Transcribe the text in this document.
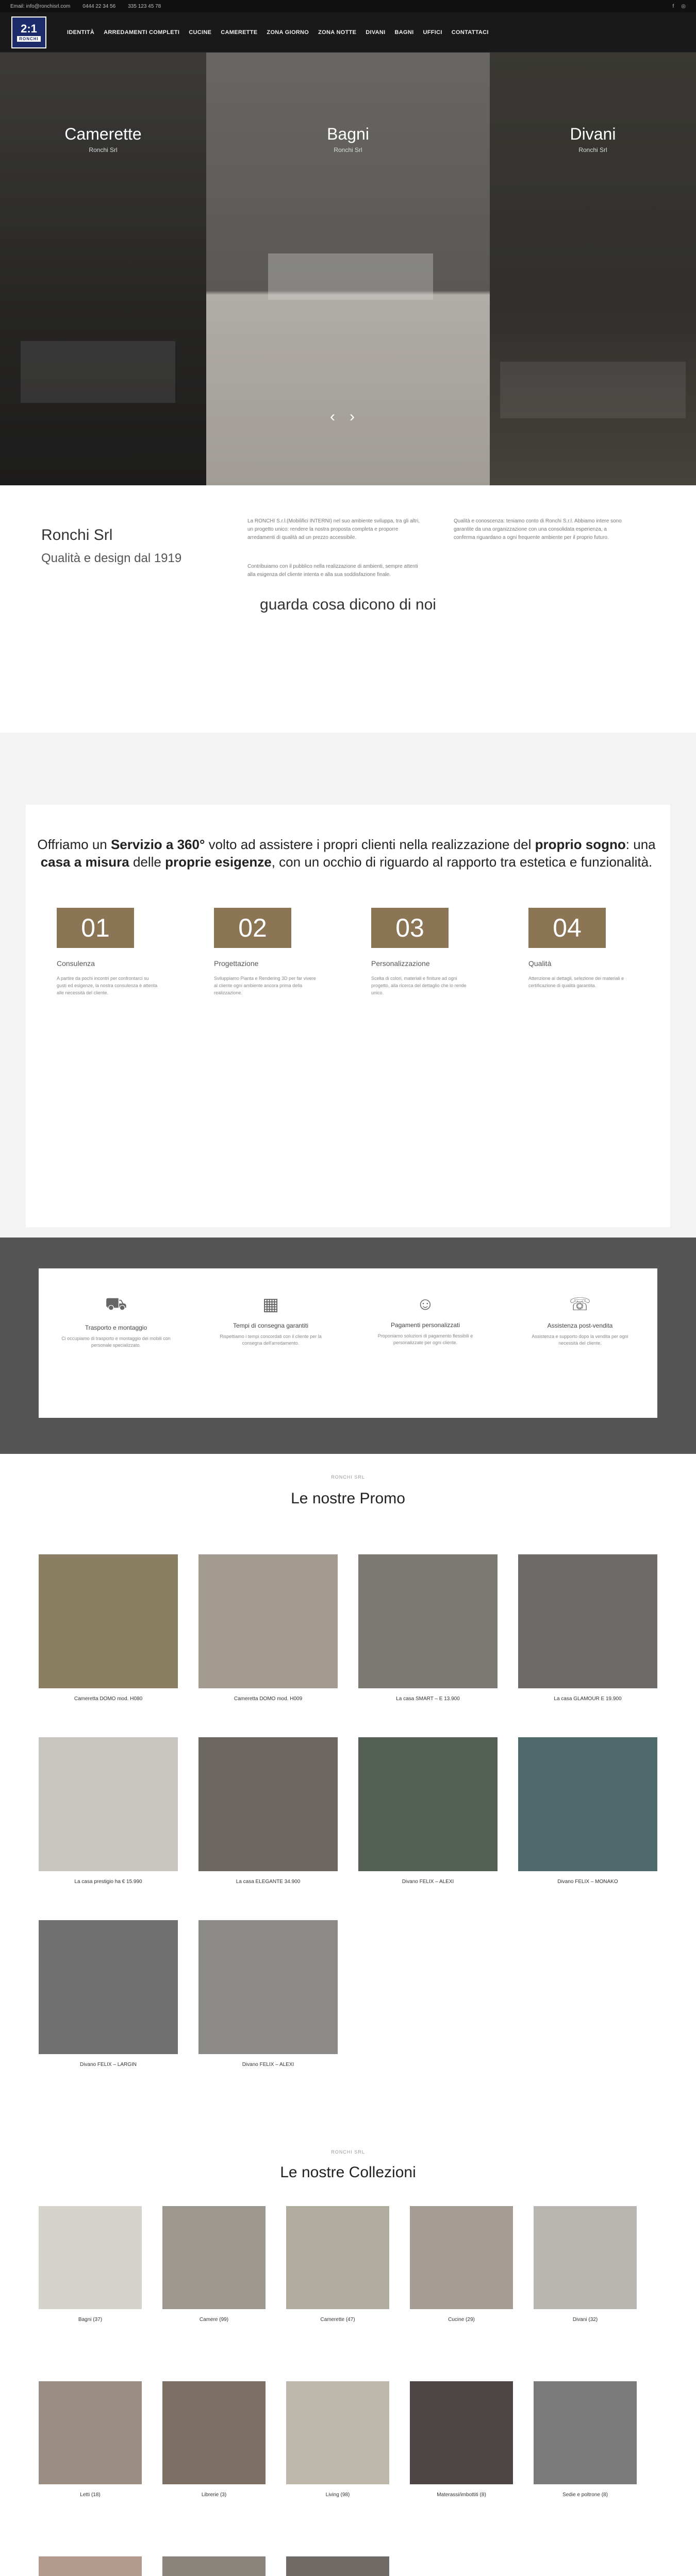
Email: info@ronchisrl.com 0444 22 34 56 335 123 45 78	f ◎
2:1
RONCHI
IDENTITÀ ARREDAMENTI COMPLETI CUCINE CAMERETTE ZONA GIORNO ZONA NOTTE DIVANI BAGNI UFFICI CONTATTACI
Camerette
Ronchi Srl
Bagni
Ronchi Srl
Divani
Ronchi Srl
‹ ›
Ronchi Srl
Qualità e design dal 1919
La RONCHI S.r.l.(Mobilifici INTERNI) nel suo ambiente sviluppa, tra gli altri, un progetto unico: rendere la nostra proposta completa e proporre arredamenti di qualità ad un prezzo accessibile.
Contribuiamo con il pubblico nella realizzazione di ambienti, sempre attenti alla esigenza del cliente intenta e alla sua soddisfazione finale.
Qualità e conoscenza: teniamo conto di Ronchi S.r.l. Abbiamo intere sono garantite da una organizzazione con una consolidata esperienza, a conferma riguardano a ogni frequente ambiente per il proprio futuro.
guarda cosa dicono di noi
Offriamo un Servizio a 360° volto ad assistere i propri clienti nella realizzazione del proprio sogno: una casa a misura delle proprie esigenze, con un occhio di riguardo al rapporto tra estetica e funzionalità.
01	02	03	04
Consulenza	Progettazione	Personalizzazione	Qualità
A partire da pochi incontri per confrontarci su gusti ed esigenze, la nostra consulenza è attenta alle necessità del cliente.
Sviluppiamo Pianta e Rendering 3D per far vivere al cliente ogni ambiente ancora prima della realizzazione.
Scelta di colori, materiali e finiture ad ogni progetto, alla ricerca del dettaglio che lo rende unico.
Attenzione ai dettagli, selezione dei materiali e certificazione di qualità garantita.
⛟
Trasporto e montaggio
Ci occupiamo di trasporto e montaggio dei mobili con personale specializzato.
▦
Tempi di consegna garantiti
Rispettiamo i tempi concordati con il cliente per la consegna dell'arredamento.
☺
Pagamenti personalizzati
Proponiamo soluzioni di pagamento flessibili e personalizzate per ogni cliente.
☏
Assistenza post-vendita
Assistenza e supporto dopo la vendita per ogni necessità del cliente.
RONCHI SRL
Le nostre Promo
Cameretta DOMO mod. H080	Cameretta DOMO mod. H009	La casa SMART – E 13.900	La casa GLAMOUR E 19.900
La casa prestigio ha € 15.990	La casa ELEGANTE 34.900	Divano FELIX – ALEXI	Divano FELIX – MONAKO
Divano FELIX – LARGIN	Divano FELIX – ALEXI
RONCHI SRL
Le nostre Collezioni
Bagni (37)	Camere (99)	Camerette (47)	Cucine (29)	Divani (32)
Letti (18)	Librerie (3)	Living (98)	Materassi/imbottiti (8)	Sedie e poltrone (8)
